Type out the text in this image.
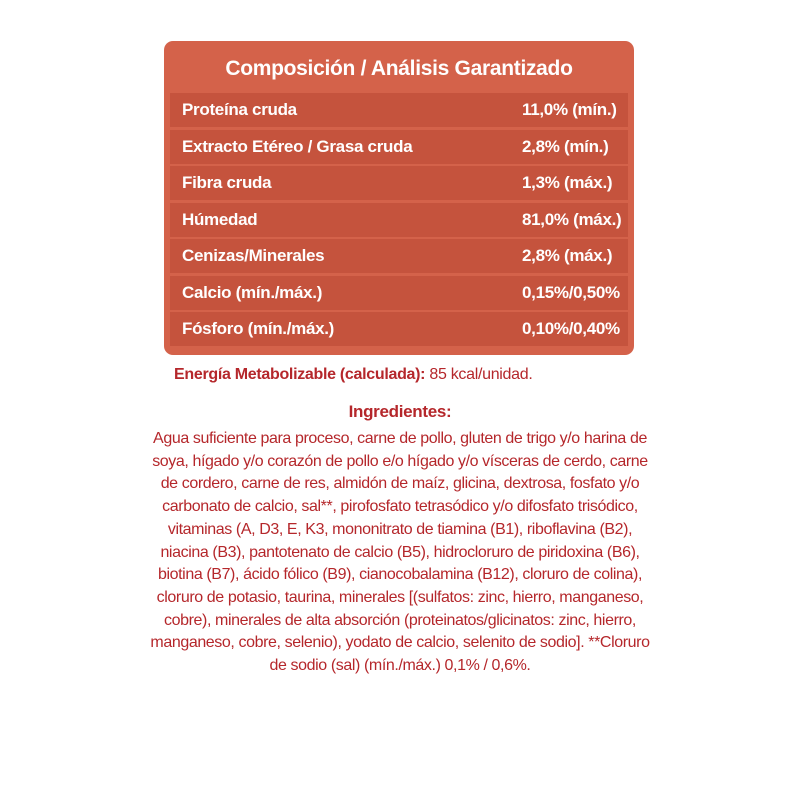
Composición / Análisis Garantizado
Proteína cruda	11,0% (mín.)
Extracto Etéreo / Grasa cruda	2,8% (mín.)
Fibra cruda	1,3% (máx.)
Húmedad	81,0% (máx.)
Cenizas/Minerales	2,8% (máx.)
Calcio (mín./máx.)	0,15%/0,50%
Fósforo (mín./máx.)	0,10%/0,40%
Energía Metabolizable (calculada): 85 kcal/unidad.
Ingredientes:
Agua suficiente para proceso, carne de pollo, gluten de trigo y/o harina de soya, hígado y/o corazón de pollo e/o hígado y/o vísceras de cerdo, carne de cordero, carne de res, almidón de maíz, glicina, dextrosa, fosfato y/o carbonato de calcio, sal**, pirofosfato tetrasódico y/o difosfato trisódico, vitaminas (A, D3, E, K3, mononitrato de tiamina (B1), riboflavina (B2), niacina (B3), pantotenato de calcio (B5), hidrocloruro de piridoxina (B6), biotina (B7), ácido fólico (B9), cianocobalamina (B12), cloruro de colina), cloruro de potasio, taurina, minerales [(sulfatos: zinc, hierro, manganeso, cobre), minerales de alta absorción (proteinatos/glicinatos: zinc, hierro, manganeso, cobre, selenio), yodato de calcio, selenito de sodio]. **Cloruro de sodio (sal) (mín./máx.) 0,1% / 0,6%.
